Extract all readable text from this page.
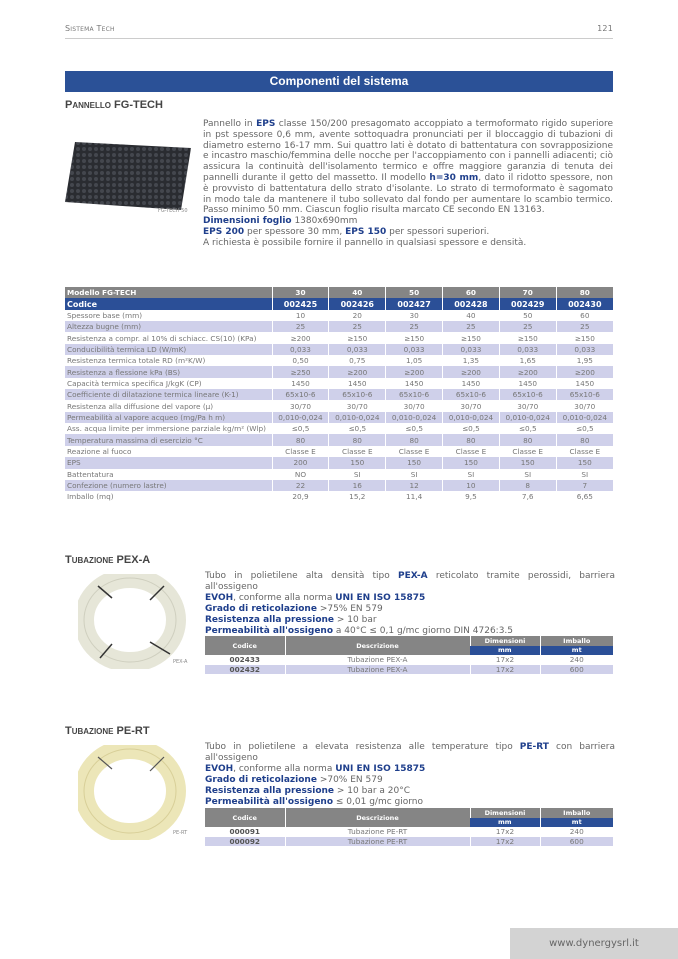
Sistema Tech	121
Componenti del sistema
Pannello FG-TECH
FG-TECH 50
Pannello in EPS classe 150/200 presagomato accoppiato a termoformato rigido superiore in pst spessore 0,6 mm, avente sottoquadra pronunciati per il bloccaggio di tubazioni di diametro esterno 16-17 mm. Sui quattro lati è dotato di battentatura con sovrapposizione e incastro maschio/femmina delle nocche per l'accoppiamento con i pannelli adiacenti; ciò assicura la continuità dell'isolamento termico e offre maggiore garanzia di tenuta dei pannelli durante il getto del massetto. Il modello h=30 mm, dato il ridotto spessore, non è provvisto di battentatura dello strato d'isolante. Lo strato di termoformato è sagomato in modo tale da mantenere il tubo sollevato dal fondo per aumentare lo scambio termico. Passo minimo 50 mm. Ciascun foglio risulta marcato CE secondo EN 13163.
Dimensioni foglio 1380x690mm
EPS 200 per spessore 30 mm, EPS 150 per spessori superiori.
A richiesta è possibile fornire il pannello in qualsiasi spessore e densità.
Modello FG-TECH	30	40	50	60	70	80
Codice	002425	002426	002427	002428	002429	002430
Spessore base (mm)	10	20	30	40	50	60
Altezza bugne (mm)	25	25	25	25	25	25
Resistenza a compr. al 10% di schiacc. CS(10) (KPa)	≥200	≥150	≥150	≥150	≥150	≥150
Conducibilità termica LD (W/mK)	0,033	0,033	0,033	0,033	0,033	0,033
Resistenza termica totale RD (m²K/W)	0,50	0,75	1,05	1,35	1,65	1,95
Resistenza a flessione kPa (BS)	≥250	≥200	≥200	≥200	≥200	≥200
Capacità termica specifica J/kgK (CP)	1450	1450	1450	1450	1450	1450
Coefficiente di dilatazione termica lineare (K-1)	65x10-6	65x10-6	65x10-6	65x10-6	65x10-6	65x10-6
Resistenza alla diffusione del vapore (μ)	30/70	30/70	30/70	30/70	30/70	30/70
Permeabilità al vapore acqueo (mg/Pa h m)	0,010-0,024	0,010-0,024	0,010-0,024	0,010-0,024	0,010-0,024	0,010-0,024
Ass. acqua limite per immersione parziale kg/m² (Wlp)	≤0,5	≤0,5	≤0,5	≤0,5	≤0,5	≤0,5
Temperatura massima di esercizio °C	80	80	80	80	80	80
Reazione al fuoco	Classe E	Classe E	Classe E	Classe E	Classe E	Classe E
EPS	200	150	150	150	150	150
Battentatura	NO	SI	SI	SI	SI	SI
Confezione (numero lastre)	22	16	12	10	8	7
Imballo (mq)	20,9	15,2	11,4	9,5	7,6	6,65
Tubazione PEX-A
PEX-A
Tubo in polietilene alta densità tipo PEX-A reticolato tramite perossidi, barriera all'ossigeno
EVOH, conforme alla norma UNI EN ISO 15875
Grado di reticolazione >75% EN 579
Resistenza alla pressione > 10 bar
Permeabilità all'ossigeno a 40°C ≤ 0,1 g/mc giorno DIN 4726:3.5
Codice	Descrizione	Dimensioni	Imballo
		mm	mt
002433	Tubazione PEX-A	17x2	240
002432	Tubazione PEX-A	17x2	600
Tubazione PE-RT
PE-RT
Tubo in polietilene a elevata resistenza alle temperature tipo PE-RT con barriera all'ossigeno
EVOH, conforme alla norma UNI EN ISO 15875
Grado di reticolazione >70% EN 579
Resistenza alla pressione > 10 bar a 20°C
Permeabilità all'ossigeno ≤ 0,01 g/mc giorno
Codice	Descrizione	Dimensioni	Imballo
		mm	mt
000091	Tubazione PE-RT	17x2	240
000092	Tubazione PE-RT	17x2	600
www.dynergysrl.it
